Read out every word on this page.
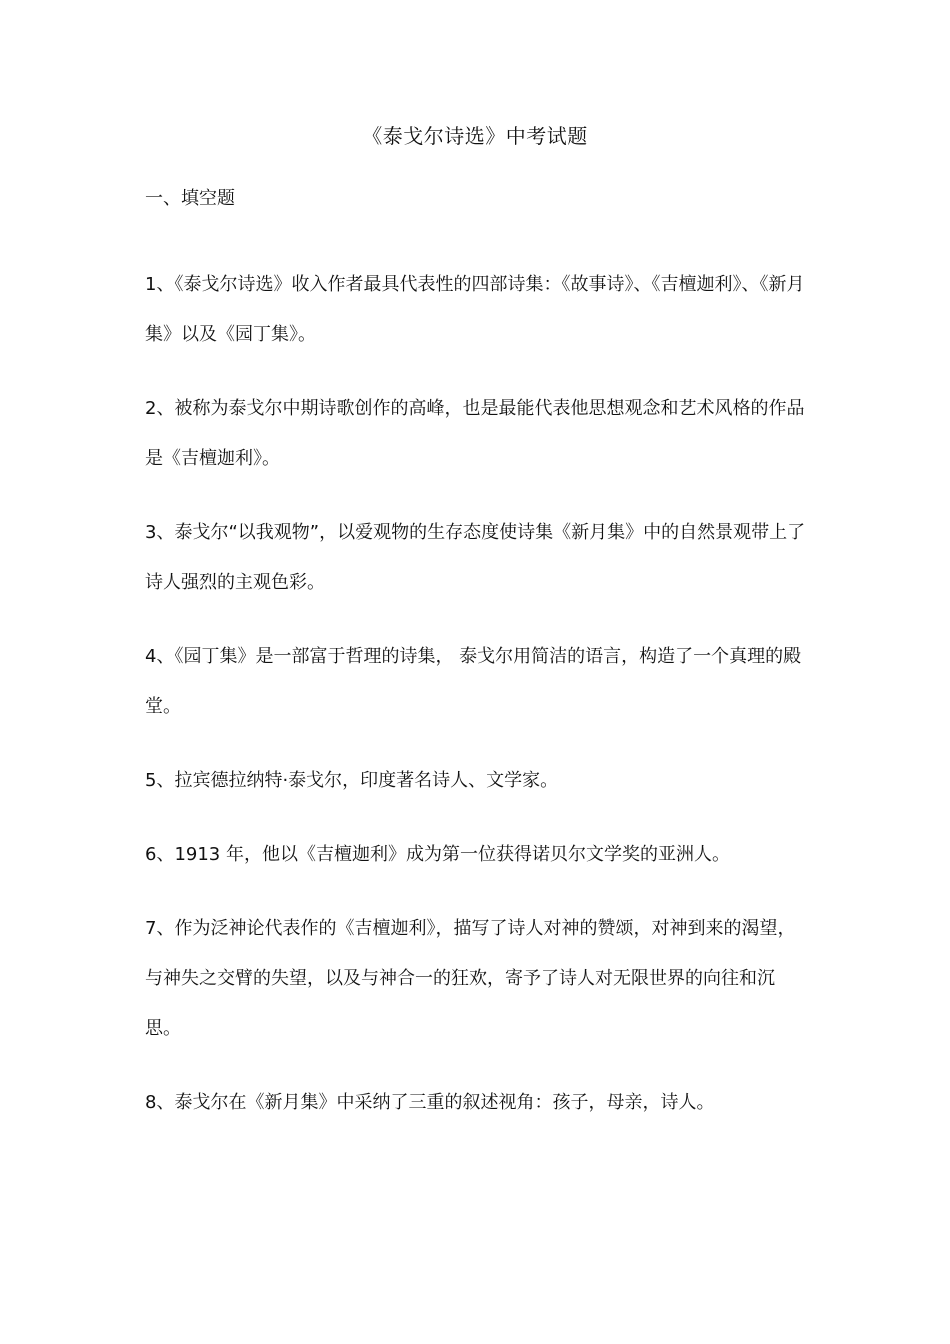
《泰戈尔诗选》中考试题
一、填空题

1、《泰戈尔诗选》收入作者最具代表性的四部诗集：《故事诗》、《吉檀迦利》、《新月集》以及《园丁集》。

2、被称为泰戈尔中期诗歌创作的高峰，也是最能代表他思想观念和艺术风格的作品是《吉檀迦利》。

3、泰戈尔“以我观物”，以爱观物的生存态度使诗集《新月集》中的自然景观带上了诗人强烈的主观色彩。

4、《园丁集》是一部富于哲理的诗集， 泰戈尔用简洁的语言，构造了一个真理的殿堂。

5、拉宾德拉纳特·泰戈尔，印度著名诗人、文学家。

6、1913 年，他以《吉檀迦利》成为第一位获得诺贝尔文学奖的亚洲人。

7、作为泛神论代表作的《吉檀迦利》，描写了诗人对神的赞颂，对神到来的渴望，与神失之交臂的失望，以及与神合一的狂欢，寄予了诗人对无限世界的向往和沉思。

8、泰戈尔在《新月集》中采纳了三重的叙述视角：孩子，母亲，诗人。
